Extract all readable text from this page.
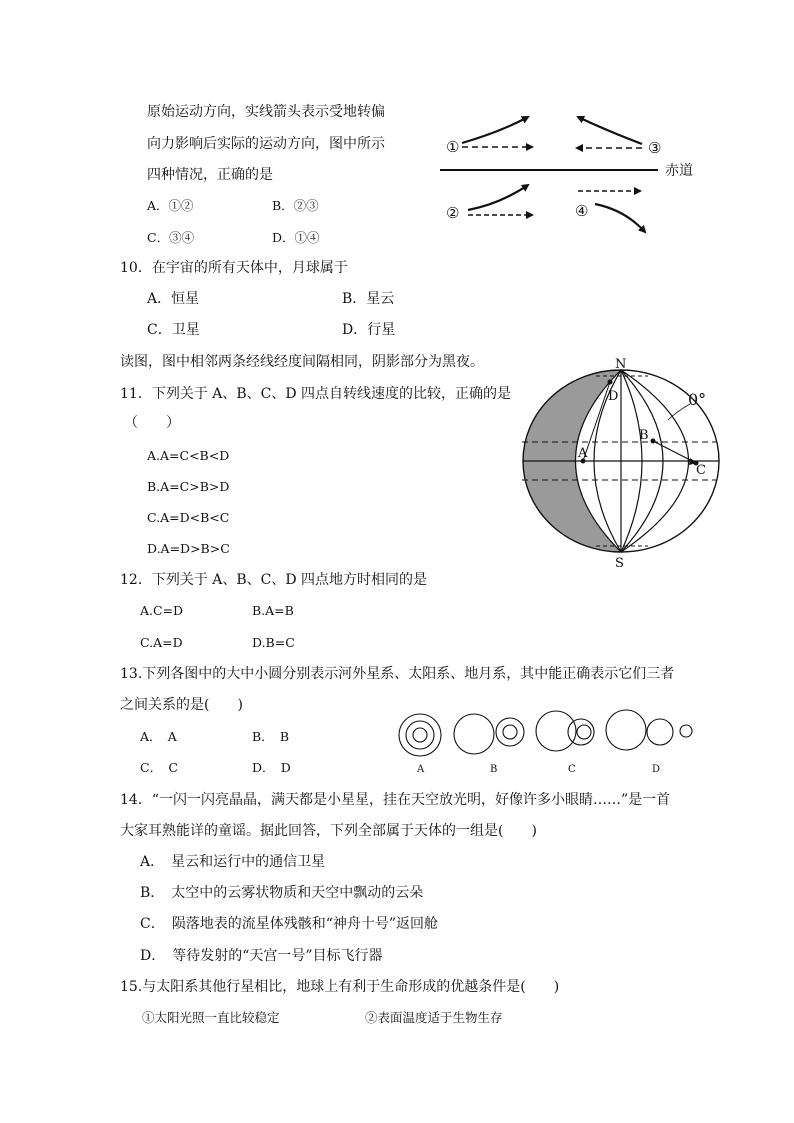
原始运动方向，实线箭头表示受地转偏
向力影响后实际的运动方向，图中所示
四种情况，正确的是
A．①②	B．②③
C．③④	D．①④
①	③
②	④
赤道
10．在宇宙的所有天体中，月球属于
A．恒星	B．星云
C．卫星	D．行星
读图，图中相邻两条经线经度间隔相同，阴影部分为黑夜。
11．下列关于 A、B、C、D 四点自转线速度的比较，正确的是
（　　）
A.A=C<B<D
B.A=C>B>D
C.A=D<B<C
D.A=D>B>C
N
S
D
B
A
C
0°
12．下列关于 A、B、C、D 四点地方时相同的是
A.C=D	B.A=B
C.A=D	D.B=C
13.下列各图中的大中小圆分别表示河外星系、太阳系、地月系，其中能正确表示它们三者
之间关系的是(　　)
A．　A	B．　B
C．　C	D．　D	A	B	C	D
14．“一闪一闪亮晶晶，满天都是小星星，挂在天空放光明，好像许多小眼睛……”是一首
大家耳熟能详的童谣。据此回答，下列全部属于天体的一组是(　　)
A．　星云和运行中的通信卫星
B．　太空中的云雾状物质和天空中飘动的云朵
C．　陨落地表的流星体残骸和“神舟十号”返回舱
D．　等待发射的“天宫一号”目标飞行器
15.与太阳系其他行星相比，地球上有利于生命形成的优越条件是(　　)
①太阳光照一直比较稳定	②表面温度适于生物生存
